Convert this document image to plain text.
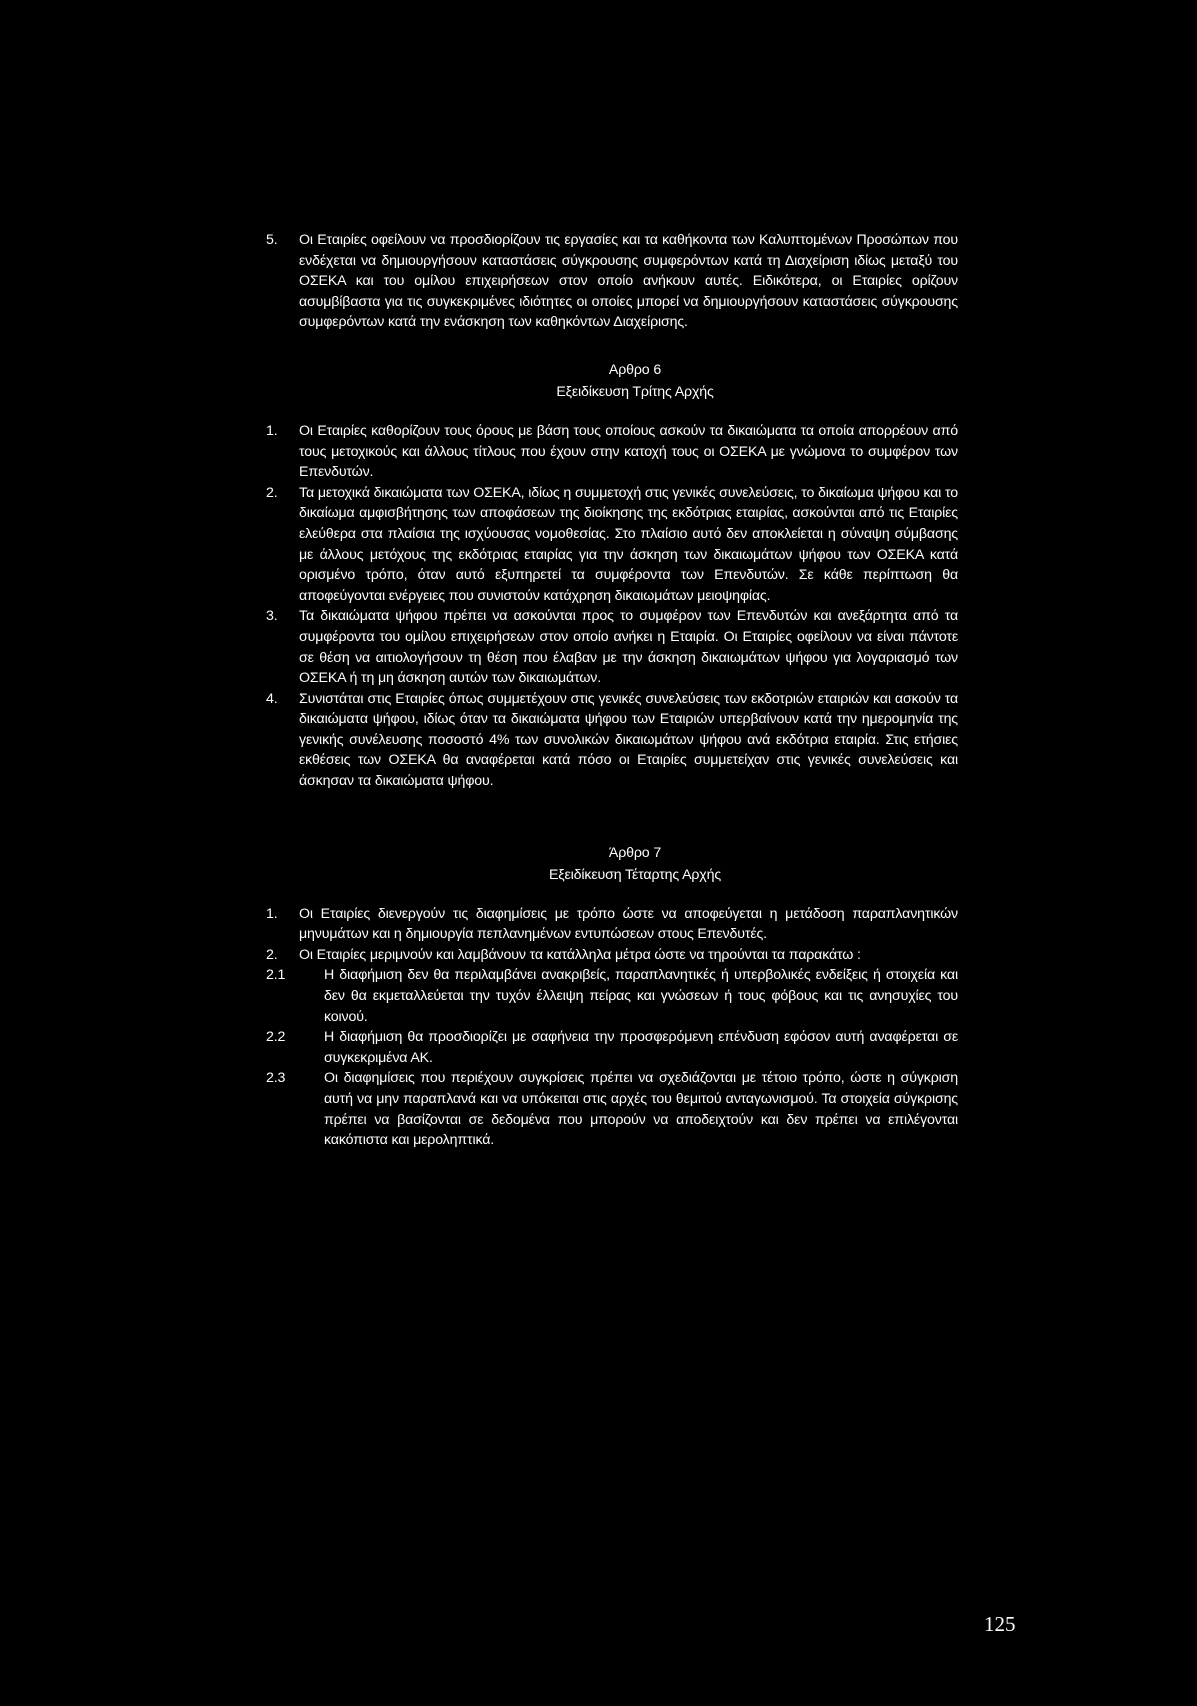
5. Οι Εταιρίες οφείλουν να προσδιορίζουν τις εργασίες και τα καθήκοντα των Καλυπτομένων Προσώπων που ενδέχεται να δημιουργήσουν καταστάσεις σύγκρουσης συμφερόντων κατά τη Διαχείριση ιδίως μεταξύ του ΟΣΕΚΑ και του ομίλου επιχειρήσεων στον οποίο ανήκουν αυτές. Ειδικότερα, οι Εταιρίες ορίζουν ασυμβίβαστα για τις συγκεκριμένες ιδιότητες οι οποίες μπορεί να δημιουργήσουν καταστάσεις σύγκρουσης συμφερόντων κατά την ενάσκηση των καθηκόντων Διαχείρισης.
Αρθρο 6
Εξειδίκευση Τρίτης Αρχής
1. Οι Εταιρίες καθορίζουν τους όρους με βάση τους οποίους ασκούν τα δικαιώματα τα οποία απορρέουν από τους μετοχικούς και άλλους τίτλους που έχουν στην κατοχή τους οι ΟΣΕΚΑ με γνώμονα το συμφέρον των Επενδυτών.
2. Τα μετοχικά δικαιώματα των ΟΣΕΚΑ, ιδίως η συμμετοχή στις γενικές συνελεύσεις, το δικαίωμα ψήφου και το δικαίωμα αμφισβήτησης των αποφάσεων της διοίκησης της εκδότριας εταιρίας, ασκούνται από τις Εταιρίες ελεύθερα στα πλαίσια της ισχύουσας νομοθεσίας. Στο πλαίσιο αυτό δεν αποκλείεται η σύναψη σύμβασης με άλλους μετόχους της εκδότριας εταιρίας για την άσκηση των δικαιωμάτων ψήφου των ΟΣΕΚΑ κατά ορισμένο τρόπο, όταν αυτό εξυπηρετεί τα συμφέροντα των Επενδυτών. Σε κάθε περίπτωση θα αποφεύγονται ενέργειες που συνιστούν κατάχρηση δικαιωμάτων μειοψηφίας.
3. Τα δικαιώματα ψήφου πρέπει να ασκούνται προς το συμφέρον των Επενδυτών και ανεξάρτητα από τα συμφέροντα του ομίλου επιχειρήσεων στον οποίο ανήκει η Εταιρία. Οι Εταιρίες οφείλουν να είναι πάντοτε σε θέση να αιτιολογήσουν τη θέση που έλαβαν με την άσκηση δικαιωμάτων ψήφου για λογαριασμό των ΟΣΕΚΑ ή τη μη άσκηση αυτών των δικαιωμάτων.
4. Συνιστάται στις Εταιρίες όπως συμμετέχουν στις γενικές συνελεύσεις των εκδοτριών εταιριών και ασκούν τα δικαιώματα ψήφου, ιδίως όταν τα δικαιώματα ψήφου των Εταιριών υπερβαίνουν κατά την ημερομηνία της γενικής συνέλευσης ποσοστό 4% των συνολικών δικαιωμάτων ψήφου ανά εκδότρια εταιρία. Στις ετήσιες εκθέσεις των ΟΣΕΚΑ θα αναφέρεται κατά πόσο οι Εταιρίες συμμετείχαν στις γενικές συνελεύσεις και άσκησαν τα δικαιώματα ψήφου.
Άρθρο 7
Εξειδίκευση Τέταρτης Αρχής
1. Οι Εταιρίες διενεργούν τις διαφημίσεις με τρόπο ώστε να αποφεύγεται η μετάδοση παραπλανητικών μηνυμάτων και η δημιουργία πεπλανημένων εντυπώσεων στους Επενδυτές.
2. Οι Εταιρίες μεριμνούν και λαμβάνουν τα κατάλληλα μέτρα ώστε να τηρούνται τα παρακάτω :
2.1	Η διαφήμιση δεν θα περιλαμβάνει ανακριβείς, παραπλανητικές ή υπερβολικές ενδείξεις ή στοιχεία και δεν θα εκμεταλλεύεται την τυχόν έλλειψη πείρας και γνώσεων ή τους φόβους και τις ανησυχίες του κοινού.
2.2	Η διαφήμιση θα προσδιορίζει με σαφήνεια την προσφερόμενη επένδυση εφόσον αυτή αναφέρεται σε συγκεκριμένα ΑΚ.
2.3	Οι διαφημίσεις που περιέχουν συγκρίσεις πρέπει να σχεδιάζονται με τέτοιο τρόπο, ώστε η σύγκριση αυτή να μην παραπλανά και να υπόκειται στις αρχές του θεμιτού ανταγωνισμού. Τα στοιχεία σύγκρισης πρέπει να βασίζονται σε δεδομένα που μπορούν να αποδειχτούν και δεν πρέπει να επιλέγονται κακόπιστα και μεροληπτικά.
125
